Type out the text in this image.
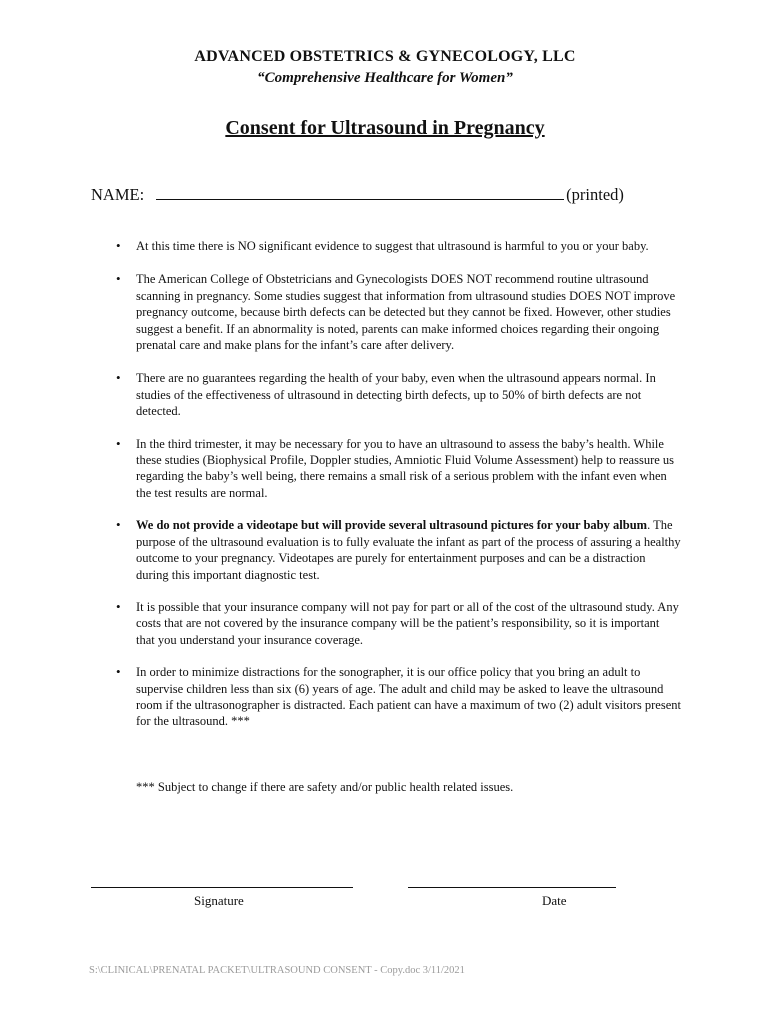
ADVANCED OBSTETRICS & GYNECOLOGY, LLC
“Comprehensive Healthcare for Women”
Consent for Ultrasound in Pregnancy
NAME:	(printed)
• At this time there is NO significant evidence to suggest that ultrasound is harmful to you or your baby.
• The American College of Obstetricians and Gynecologists DOES NOT recommend routine ultrasound scanning in pregnancy. Some studies suggest that information from ultrasound studies DOES NOT improve pregnancy outcome, because birth defects can be detected but they cannot be fixed. However, other studies suggest a benefit. If an abnormality is noted, parents can make informed choices regarding their ongoing prenatal care and make plans for the infant’s care after delivery.
• There are no guarantees regarding the health of your baby, even when the ultrasound appears normal. In studies of the effectiveness of ultrasound in detecting birth defects, up to 50% of birth defects are not detected.
• In the third trimester, it may be necessary for you to have an ultrasound to assess the baby’s health. While these studies (Biophysical Profile, Doppler studies, Amniotic Fluid Volume Assessment) help to reassure us regarding the baby’s well being, there remains a small risk of a serious problem with the infant even when the test results are normal.
• We do not provide a videotape but will provide several ultrasound pictures for your baby album. The purpose of the ultrasound evaluation is to fully evaluate the infant as part of the process of assuring a healthy outcome to your pregnancy. Videotapes are purely for entertainment purposes and can be a distraction during this important diagnostic test.
• It is possible that your insurance company will not pay for part or all of the cost of the ultrasound study. Any costs that are not covered by the insurance company will be the patient’s responsibility, so it is important that you understand your insurance coverage.
• In order to minimize distractions for the sonographer, it is our office policy that you bring an adult to supervise children less than six (6) years of age. The adult and child may be asked to leave the ultrasound room if the ultrasonographer is distracted. Each patient can have a maximum of two (2) adult visitors present for the ultrasound. ***
*** Subject to change if there are safety and/or public health related issues.
Signature	Date
S:\CLINICAL\PRENATAL PACKET\ULTRASOUND CONSENT - Copy.doc 3/11/2021
